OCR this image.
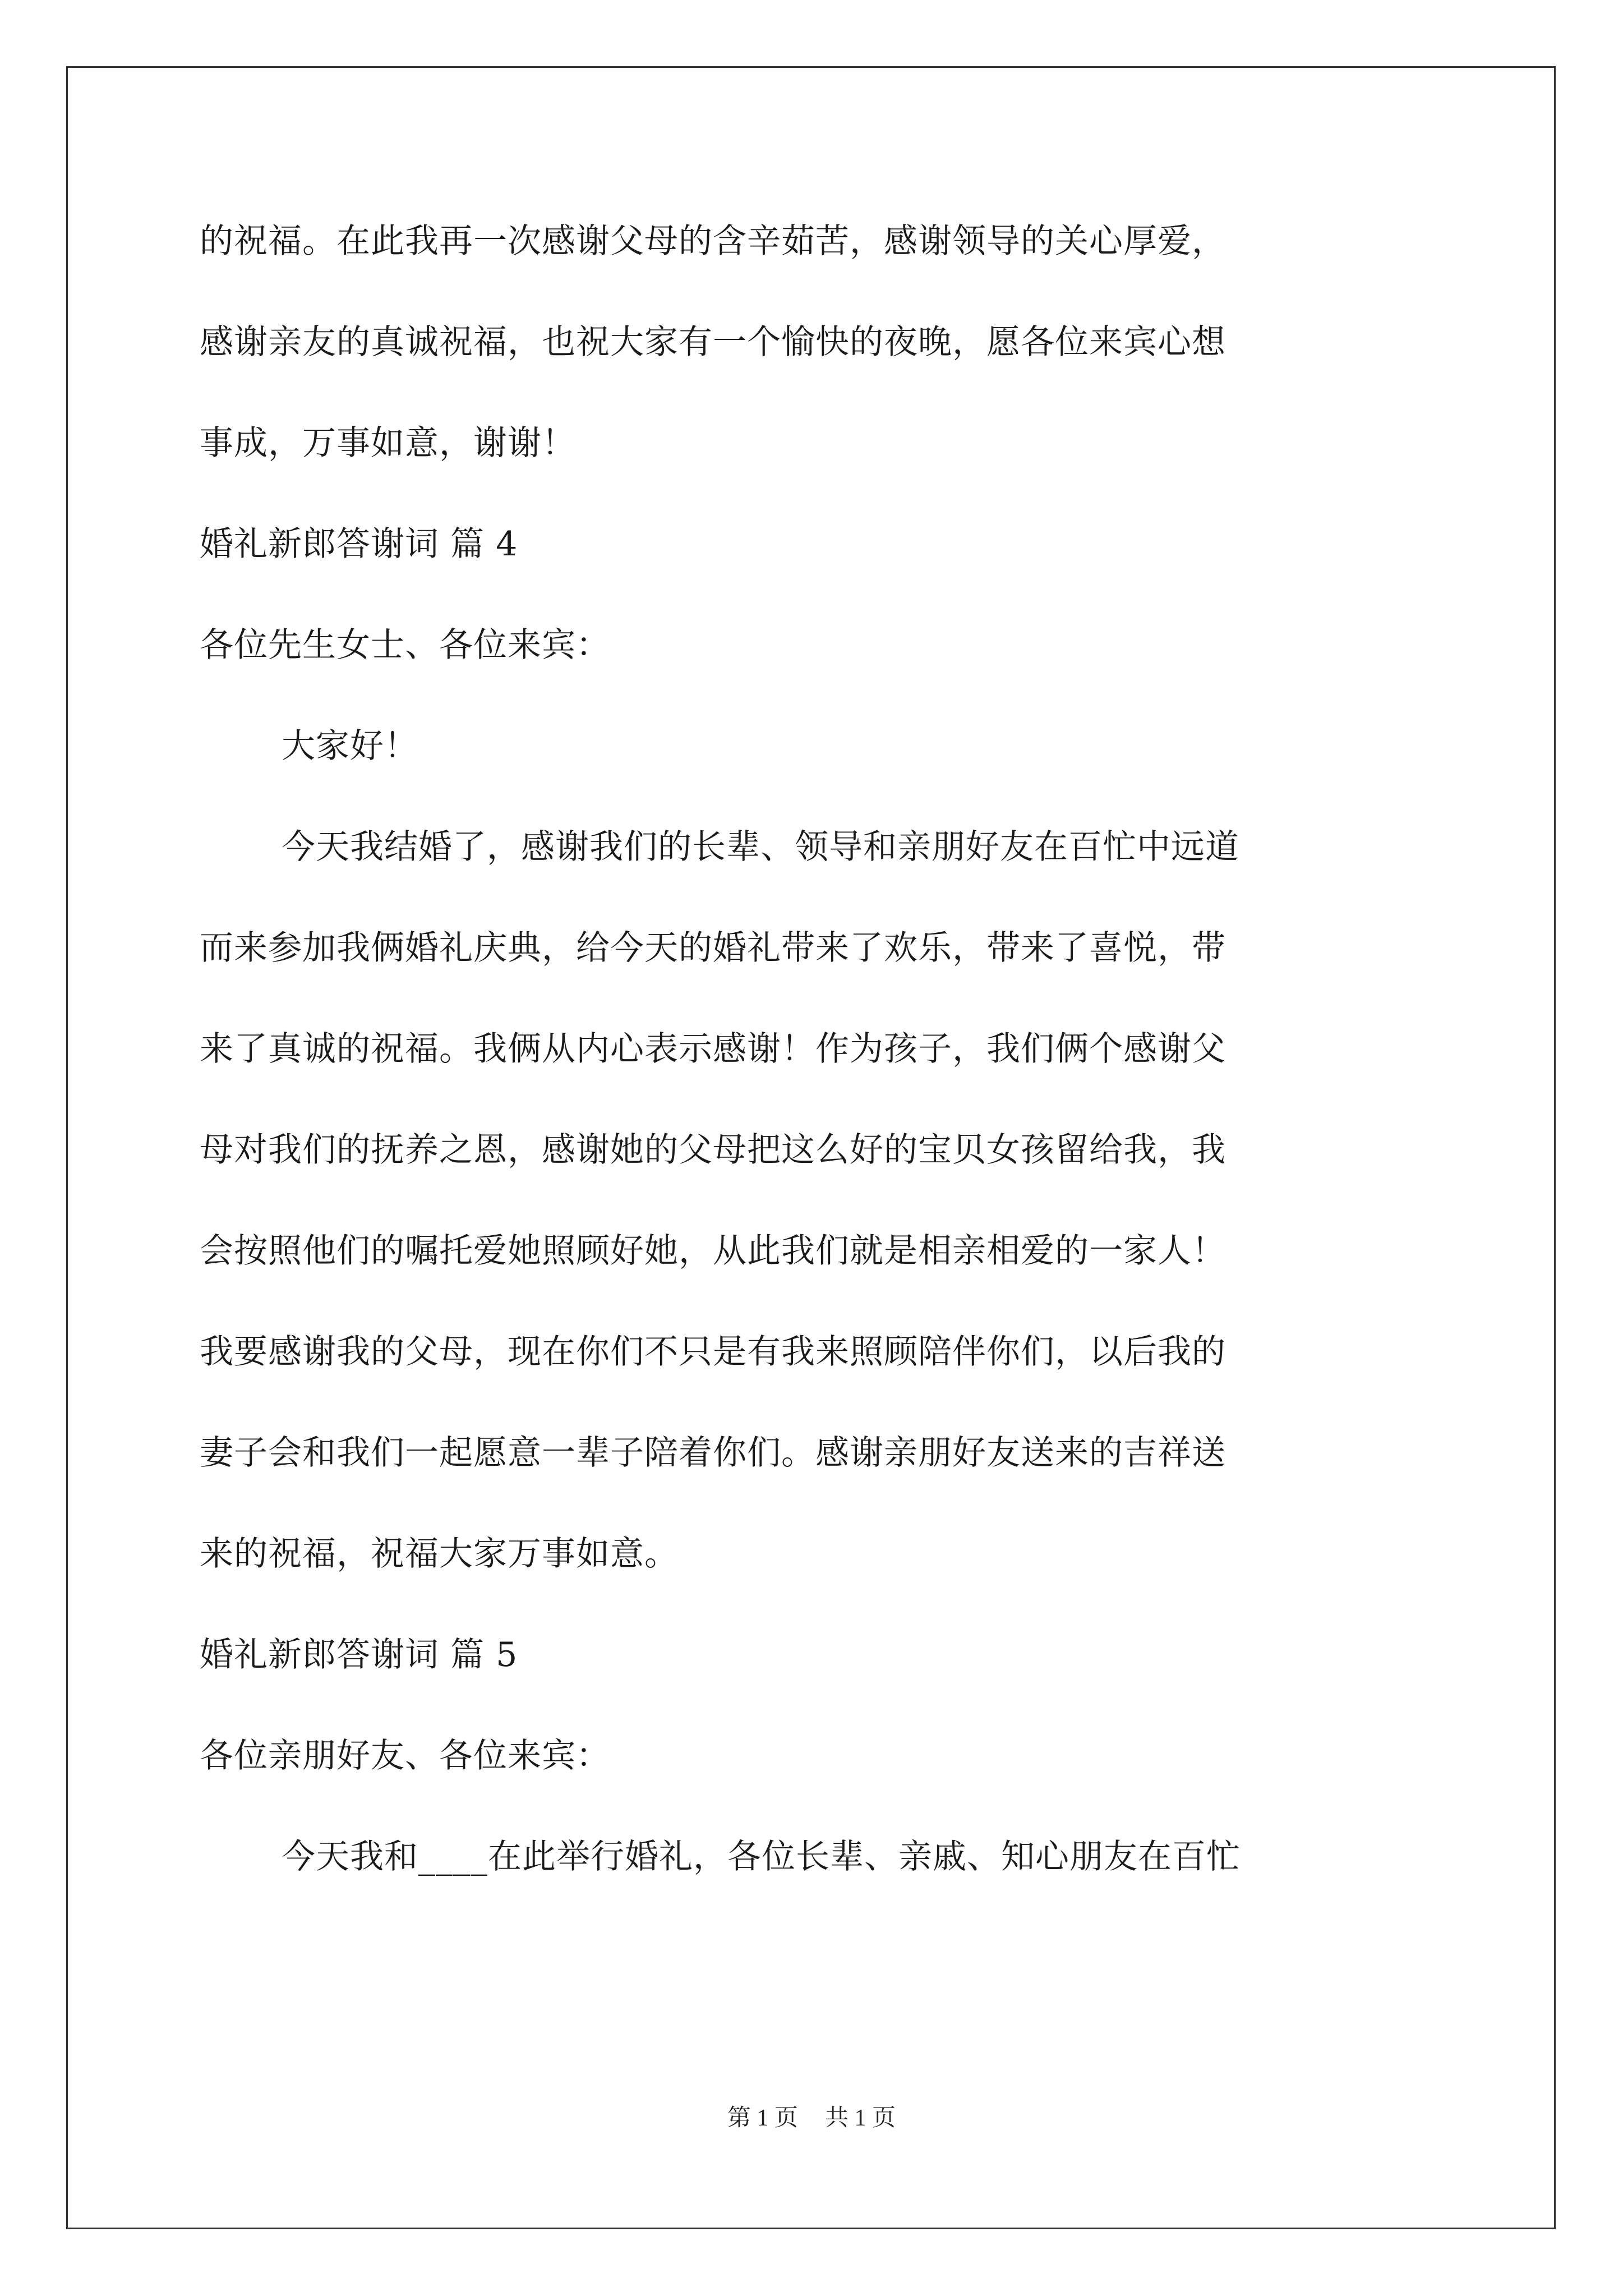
的祝福。在此我再一次感谢父母的含辛茹苦，感谢领导的关心厚爱，
感谢亲友的真诚祝福，也祝大家有一个愉快的夜晚，愿各位来宾心想
事成，万事如意，谢谢！
婚礼新郎答谢词 篇 4
各位先生女士、各位来宾：
大家好！
今天我结婚了，感谢我们的长辈、领导和亲朋好友在百忙中远道
而来参加我俩婚礼庆典，给今天的婚礼带来了欢乐，带来了喜悦，带
来了真诚的祝福。我俩从内心表示感谢！作为孩子，我们俩个感谢父
母对我们的抚养之恩，感谢她的父母把这么好的宝贝女孩留给我，我
会按照他们的嘱托爱她照顾好她，从此我们就是相亲相爱的一家人！
我要感谢我的父母，现在你们不只是有我来照顾陪伴你们，以后我的
妻子会和我们一起愿意一辈子陪着你们。感谢亲朋好友送来的吉祥送
来的祝福，祝福大家万事如意。
婚礼新郎答谢词 篇 5
各位亲朋好友、各位来宾：
今天我和____在此举行婚礼，各位长辈、亲戚、知心朋友在百忙
第 1 页 共 1 页
